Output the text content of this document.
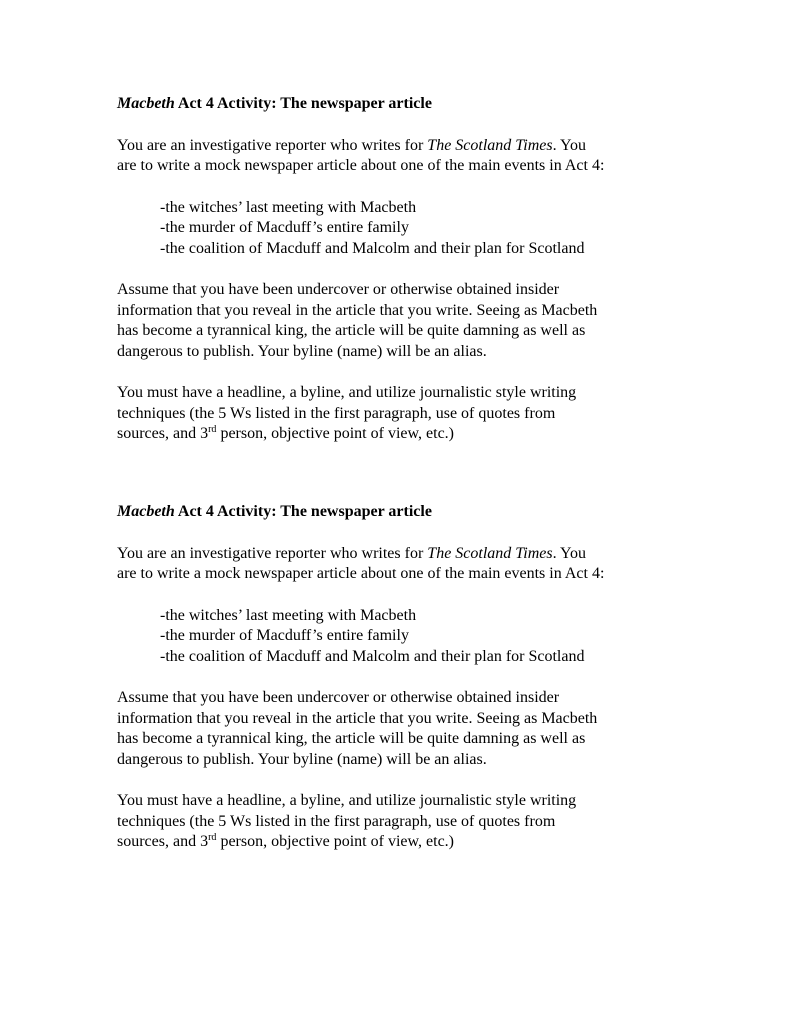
Macbeth Act 4 Activity: The newspaper article

You are an investigative reporter who writes for The Scotland Times. You
are to write a mock newspaper article about one of the main events in Act 4:

-the witches’ last meeting with Macbeth
-the murder of Macduff’s entire family
-the coalition of Macduff and Malcolm and their plan for Scotland

Assume that you have been undercover or otherwise obtained insider
information that you reveal in the article that you write. Seeing as Macbeth
has become a tyrannical king, the article will be quite damning as well as
dangerous to publish. Your byline (name) will be an alias.

You must have a headline, a byline, and utilize journalistic style writing
techniques (the 5 Ws listed in the first paragraph, use of quotes from
sources, and 3rd person, objective point of view, etc.)

Macbeth Act 4 Activity: The newspaper article

You are an investigative reporter who writes for The Scotland Times. You
are to write a mock newspaper article about one of the main events in Act 4:

-the witches’ last meeting with Macbeth
-the murder of Macduff’s entire family
-the coalition of Macduff and Malcolm and their plan for Scotland

Assume that you have been undercover or otherwise obtained insider
information that you reveal in the article that you write. Seeing as Macbeth
has become a tyrannical king, the article will be quite damning as well as
dangerous to publish. Your byline (name) will be an alias.

You must have a headline, a byline, and utilize journalistic style writing
techniques (the 5 Ws listed in the first paragraph, use of quotes from
sources, and 3rd person, objective point of view, etc.)
